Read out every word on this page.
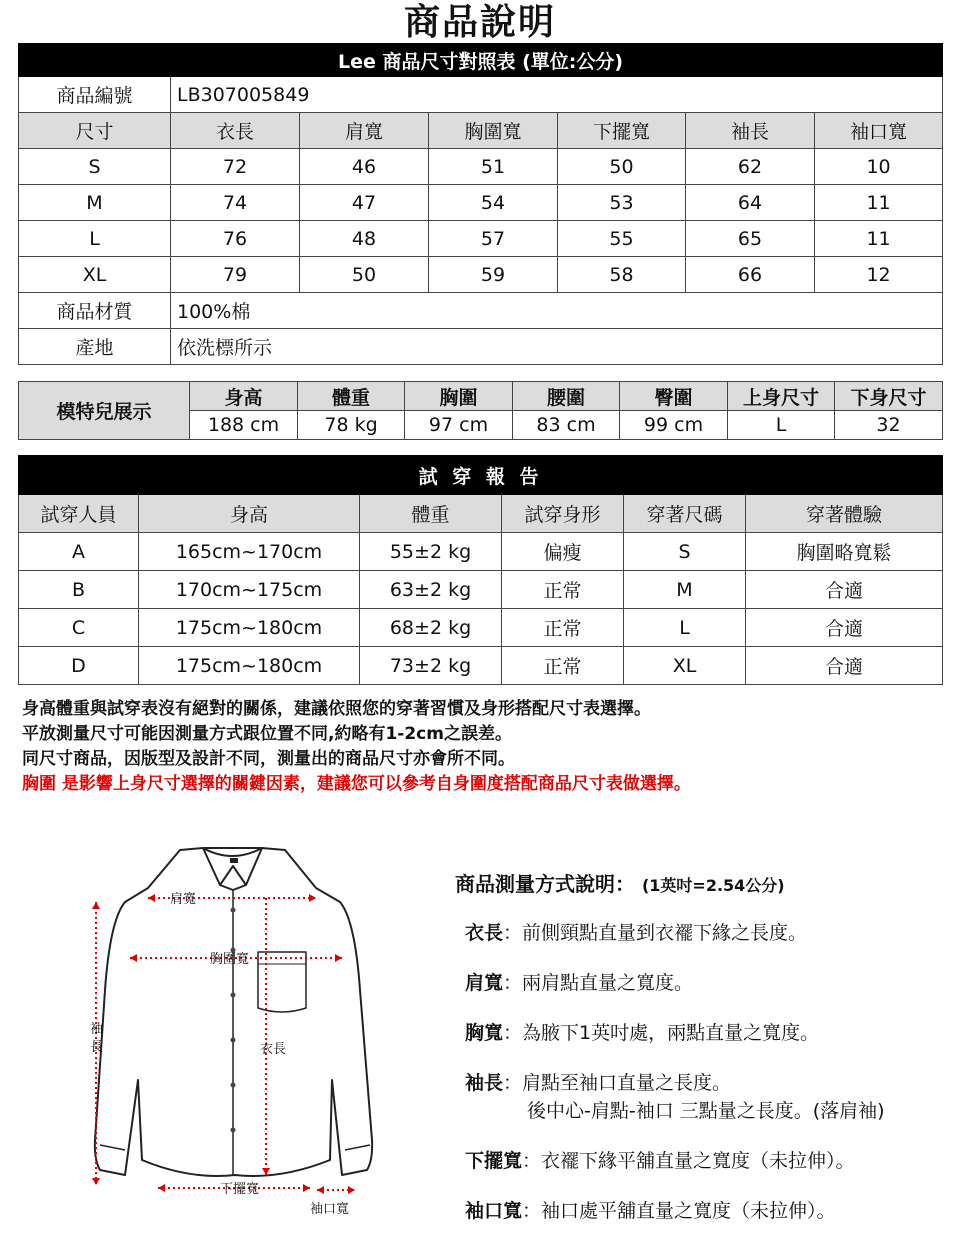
商品說明
Lee 商品尺寸對照表 (單位:公分)						
商品編號	LB307005849					
尺寸	衣長	肩寬	胸圍寬	下擺寬	袖長	袖口寬
S	72	46	51	50	62	10
M	74	47	54	53	64	11
L	76	48	57	55	65	11
XL	79	50	59	58	66	12
商品材質	100%棉					
產地	依洗標所示					
模特兒展示	身高	體重	胸圍	腰圍	臀圍	上身尺寸	下身尺寸
	188 cm	78 kg	97 cm	83 cm	99 cm	L	32
試 穿 報 告					
試穿人員	身高	體重	試穿身形	穿著尺碼	穿著體驗
A	165cm~170cm	55±2 kg	偏瘦	S	胸圍略寬鬆
B	170cm~175cm	63±2 kg	正常	M	合適
C	175cm~180cm	68±2 kg	正常	L	合適
D	175cm~180cm	73±2 kg	正常	XL	合適
身高體重與試穿表沒有絕對的關係，建議依照您的穿著習慣及身形搭配尺寸表選擇。
平放測量尺寸可能因測量方式跟位置不同,約略有1-2cm之誤差。
同尺寸商品，因版型及設計不同，測量出的商品尺寸亦會所不同。
胸圍 是影響上身尺寸選擇的關鍵因素，建議您可以參考自身圍度搭配商品尺寸表做選擇。
肩寬
胸圍寬
袖
長	衣長
下擺寬
袖口寬
商品測量方式說明： (1英吋=2.54公分)
衣長：前側頸點直量到衣襬下緣之長度。
肩寬：兩肩點直量之寬度。
胸寬：為腋下1英吋處，兩點直量之寬度。
袖長：肩點至袖口直量之長度。
後中心-肩點-袖口 三點量之長度。(落肩袖)
下擺寬：衣襬下緣平舖直量之寬度（未拉伸）。
袖口寬：袖口處平舖直量之寬度（未拉伸）。
